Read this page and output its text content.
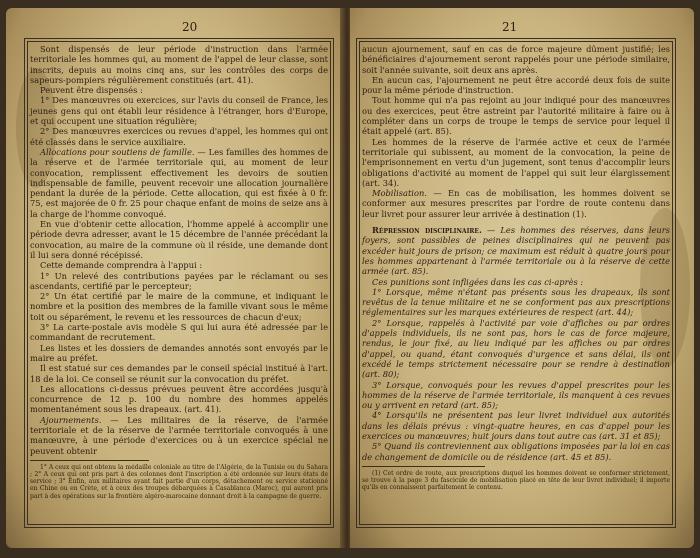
20

Sont dispensés de leur période d'instruction dans l'armée territoriale les hommes qui, au moment de l'appel de leur classe, sont inscrits, depuis au moins cinq ans, sur les contrôles des corps de sapeurs-pompiers régulièrement constitués (art. 41).

Peuvent être dispensés :

1° Des manœuvres ou exercices, sur l'avis du conseil de France, les jeunes gens qui ont établi leur résidence à l'étranger, hors d'Europe, et qui occupent une situation régulière;

2° Des manœuvres exercices ou revues d'appel, les hommes qui ont été classés dans le service auxiliaire.

Allocations pour soutiens de famille. — Les familles des hommes de la réserve et de l'armée territoriale qui, au moment de leur convocation, remplissent effectivement les devoirs de soutien indispensable de famille, peuvent recevoir une allocation journalière pendant la durée de la période. Cette allocation, qui est fixée à 0 fr. 75, est majorée de 0 fr. 25 pour chaque enfant de moins de seize ans à la charge de l'homme convoqué.

En vue d'obtenir cette allocation, l'homme appelé à accomplir une période devra adresser, avant le 15 décembre de l'année précédant la convocation, au maire de la commune où il réside, une demande dont il lui sera donné récépissé.

Cette demande comprendra à l'appui :

1° Un relevé des contributions payées par le réclamant ou ses ascendants, certifié par le percepteur;

2° Un état certifié par le maire de la commune, et indiquant le nombre et la position des membres de la famille vivant sous le même toit ou séparément, le revenu et les ressources de chacun d'eux;

3° La carte-postale avis modèle S qui lui aura été adressée par le commandant de recrutement.

Les listes et les dossiers de demandes annotés sont envoyés par le maire au préfet.

Il est statué sur ces demandes par le conseil spécial institué à l'art. 18 de la loi. Ce conseil se réunit sur la convocation du préfet.

Les allocations ci-dessus prévues peuvent être accordées jusqu'à concurrence de 12 p. 100 du nombre des hommes appelés momentanément sous les drapeaux. (art. 41).

Ajournements. — Les militaires de la réserve, de l'armée territoriale et de la réserve de l'armée territoriale convoqués à une manœuvre, à une période d'exercices ou à un exercice spécial ne peuvent obtenir

1° A ceux qui ont obtenu la médaille coloniale au titre de l'Algérie, de la Tunisie ou du Sahara ; 2° A ceux qui ont pris part à des colonnes dont l'inscription a été ordonnée sur leurs états de service ; 3° Enfin, aux militaires ayant fait partie d'un corps, détachement ou service stationné en Chine ou en Crète, et à ceux des troupes débarquées à Casablanca (Maroc), qui auront pris part à des opérations sur la frontière algéro-marocaine donnant droit à la campagne de guerre.

21

aucun ajournement, sauf en cas de force majeure dûment justifié; les bénéficiaires d'ajournement seront rappelés pour une période similaire, soit l'année suivante, soit deux ans après.

En aucun cas, l'ajournement ne peut être accordé deux fois de suite pour la même période d'instruction.

Tout homme qui n'a pas rejoint au jour indiqué pour des manœuvres ou des exercices, peut être astreint par l'autorité militaire à faire ou à compléter dans un corps de troupe le temps de service pour lequel il était appelé (art. 85).

Les hommes de la réserve de l'armée active et ceux de l'armée territoriale qui subissent, au moment de la convocation, la peine de l'emprisonnement en vertu d'un jugement, sont tenus d'accomplir leurs obligations d'activité au moment de l'appel qui suit leur élargissement (art. 34).

Mobilisation. — En cas de mobilisation, les hommes doivent se conformer aux mesures prescrites par l'ordre de route contenu dans leur livret pour assurer leur arrivée à destination (1).

Répression disciplinaire. — Les hommes des réserves, dans leurs foyers, sont passibles de peines disciplinaires qui ne peuvent pas excéder huit jours de prison; ce maximum est réduit à quatre jours pour les hommes appartenant à l'armée territoriale ou à la réserve de cette armée (art. 85).

Ces punitions sont infligées dans les cas ci-après :

1° Lorsque, même n'étant pas présents sous les drapeaux, ils sont revêtus de la tenue militaire et ne se conforment pas aux prescriptions réglementaires sur les marques extérieures de respect (art. 44);

2° Lorsque, rappelés à l'activité par voie d'affiches ou par ordres d'appels individuels, ils ne sont pas, hors le cas de force majeure, rendus, le jour fixé, au lieu indiqué par les affiches ou par ordres d'appel, ou quand, étant convoqués d'urgence et sans délai, ils ont excédé le temps strictement nécessaire pour se rendre à destination (art. 80);

3° Lorsque, convoqués pour les revues d'appel prescrites pour les hommes de la réserve de l'armée territoriale, ils manquent à ces revues ou y arrivent en retard (art. 85);

4° Lorsqu'ils ne présentent pas leur livret individuel aux autorités dans les délais prévus : vingt-quatre heures, en cas d'appel pour les exercices ou manœuvres; huit jours dans tout autre cas (art. 31 et 85);

5° Quand ils contreviennent aux obligations imposées par la loi en cas de changement de domicile ou de résidence (art. 45 et 85).

(1) Cet ordre de route, aux prescriptions duquel les hommes doivent se conformer strictement, se trouve à la page 3 du fascicule de mobilisation placé en tête de leur livret individuel; il importe qu'ils en connaissent parfaitement le contenu.
